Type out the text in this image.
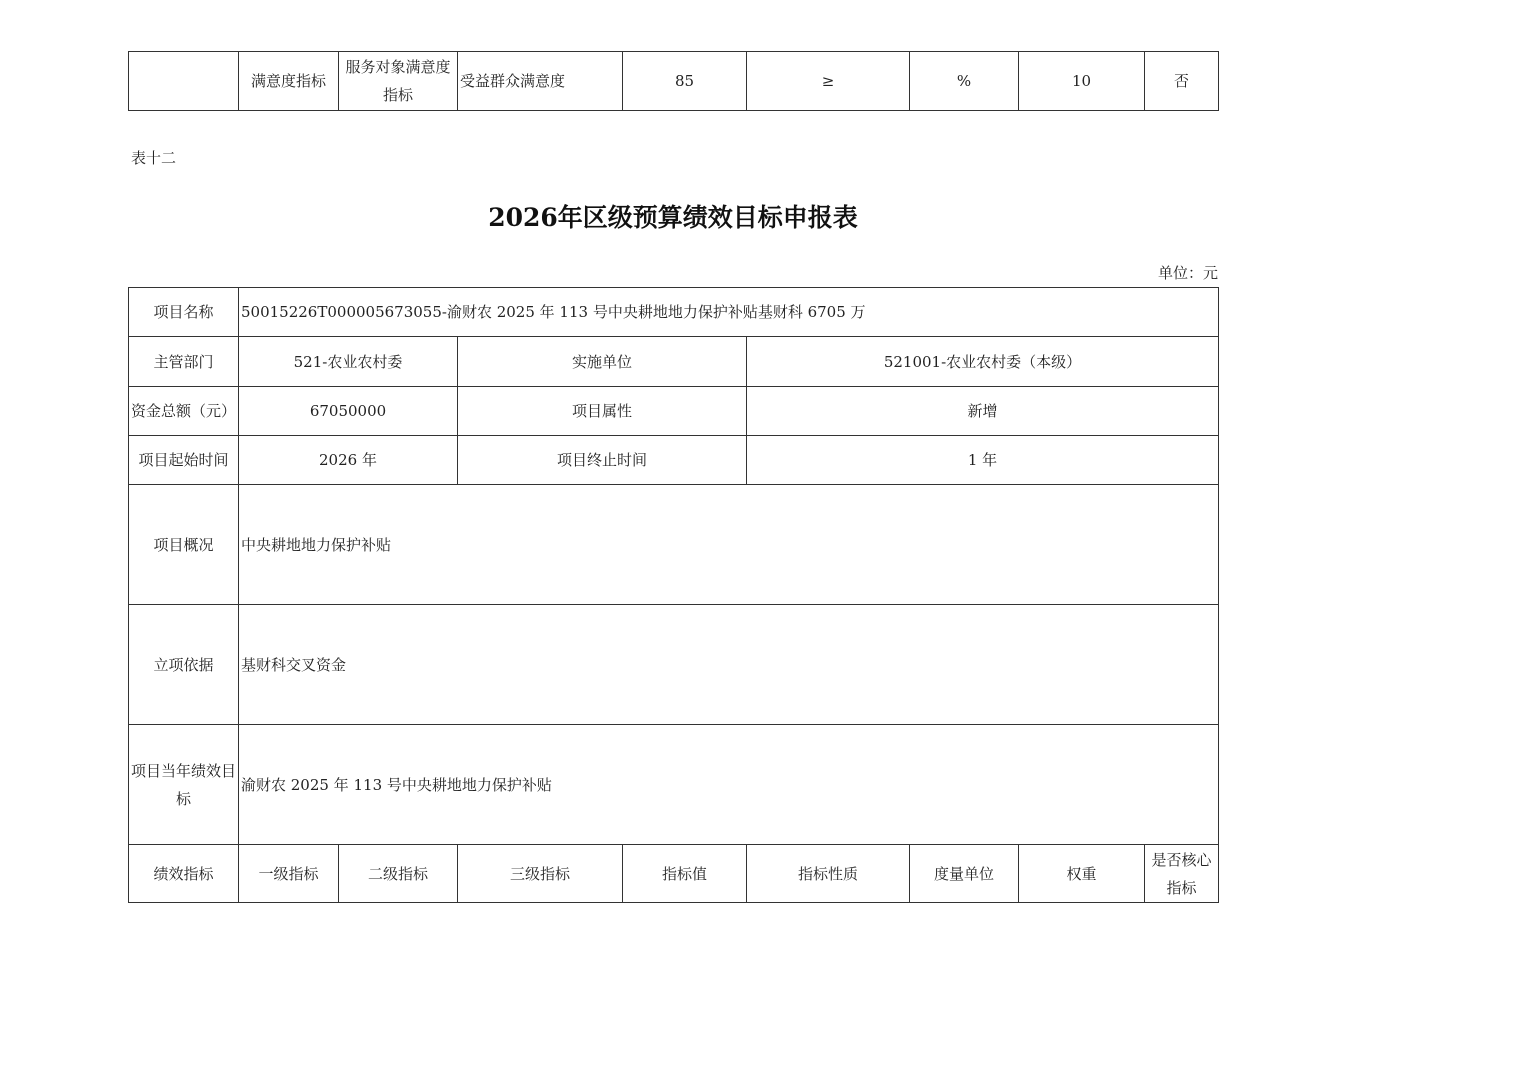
	满意度指标	服务对象满意度指标	受益群众满意度	85	≥	%	10	否
表十二
2026年区级预算绩效目标申报表
单位：元
项目名称	50015226T000005673055-渝财农 2025 年 113 号中央耕地地力保护补贴基财科 6705 万							
主管部门	521-农业农村委		实施单位		521001-农业农村委（本级）			
资金总额（元）	67050000		项目属性		新增			
项目起始时间	2026 年		项目终止时间		1 年			
项目概况	中央耕地地力保护补贴							
立项依据	基财科交叉资金							
项目当年绩效目标	渝财农 2025 年 113 号中央耕地地力保护补贴							
绩效指标	一级指标	二级指标	三级指标	指标值	指标性质	度量单位	权重	是否核心指标
